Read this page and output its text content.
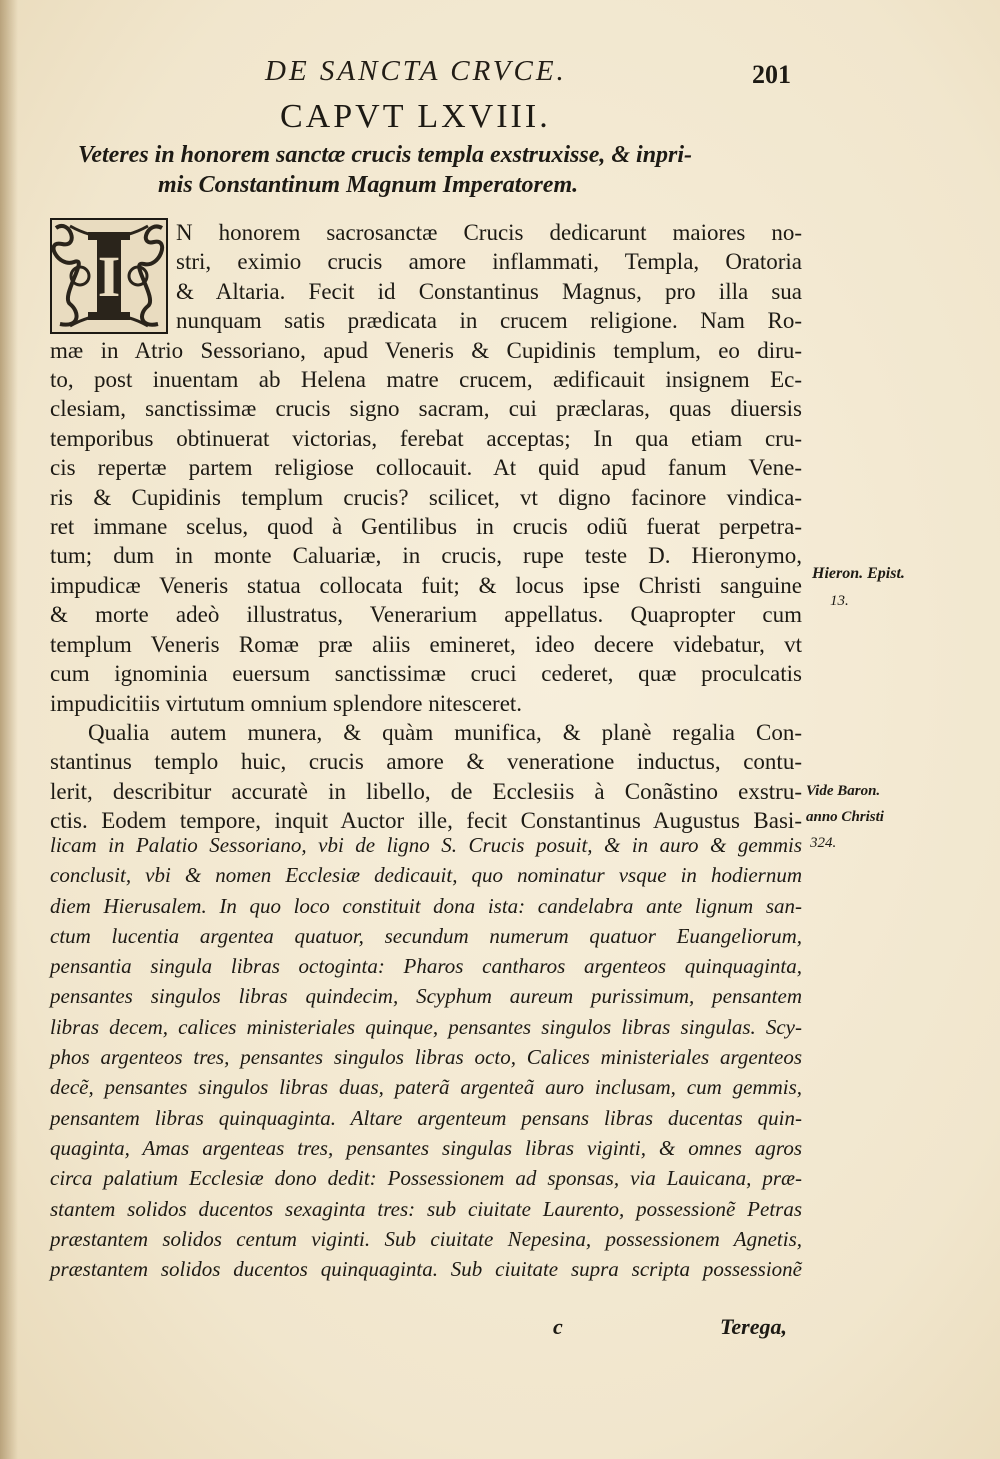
DE SANCTA CRVCE.	201
CAPVT LXVIII.
Veteres in honorem sanctæ crucis templa exstruxisse, & inpri-
mis Constantinum Magnum Imperatorem.
I
N honorem sacrosanctæ Crucis dedicarunt maiores no-
stri, eximio crucis amore inflammati, Templa, Oratoria
& Altaria. Fecit id Constantinus Magnus, pro illa sua
nunquam satis prædicata in crucem religione. Nam Ro-
mæ in Atrio Sessoriano, apud Veneris & Cupidinis templum, eo diru-
to, post inuentam ab Helena matre crucem, ædificauit insignem Ec-
clesiam, sanctissimæ crucis signo sacram, cui præclaras, quas diuersis
temporibus obtinuerat victorias, ferebat acceptas; In qua etiam cru-
cis repertæ partem religiose collocauit. At quid apud fanum Vene-
ris & Cupidinis templum crucis? scilicet, vt digno facinore vindica-
ret immane scelus, quod à Gentilibus in crucis odiũ fuerat perpetra-
tum; dum in monte Caluariæ, in crucis, rupe teste D. Hieronymo,
impudicæ Veneris statua collocata fuit; & locus ipse Christi sanguine
& morte adeò illustratus, Venerarium appellatus. Quapropter cum
templum Veneris Romæ præ aliis emineret, ideo decere videbatur, vt
cum ignominia euersum sanctissimæ cruci cederet, quæ proculcatis
impudicitiis virtutum omnium splendore nitesceret.
Qualia autem munera, & quàm munifica, & planè regalia Con-
stantinus templo huic, crucis amore & veneratione inductus, contu-
lerit, describitur accuratè in libello, de Ecclesiis à Conãstino exstru-
ctis. Eodem tempore, inquit Auctor ille, fecit Constantinus Augustus Basi-
licam in Palatio Sessoriano, vbi de ligno S. Crucis posuit, & in auro & gemmis
conclusit, vbi & nomen Ecclesiæ dedicauit, quo nominatur vsque in hodiernum
diem Hierusalem. In quo loco constituit dona ista: candelabra ante lignum san-
ctum lucentia argentea quatuor, secundum numerum quatuor Euangeliorum,
pensantia singula libras octoginta: Pharos cantharos argenteos quinquaginta,
pensantes singulos libras quindecim, Scyphum aureum purissimum, pensantem
libras decem, calices ministeriales quinque, pensantes singulos libras singulas. Scy-
phos argenteos tres, pensantes singulos libras octo, Calices ministeriales argenteos
decẽ, pensantes singulos libras duas, paterã argenteã auro inclusam, cum gemmis,
pensantem libras quinquaginta. Altare argenteum pensans libras ducentas quin-
quaginta, Amas argenteas tres, pensantes singulas libras viginti, & omnes agros
circa palatium Ecclesiæ dono dedit: Possessionem ad sponsas, via Lauicana, præ-
stantem solidos ducentos sexaginta tres: sub ciuitate Laurento, possessionẽ Petras
præstantem solidos centum viginti. Sub ciuitate Nepesina, possessionem Agnetis,
præstantem solidos ducentos quinquaginta. Sub ciuitate supra scripta possessionẽ
Hieron. Epist.
13.
Vide Baron.
anno Christi
324.
c	Terega,
